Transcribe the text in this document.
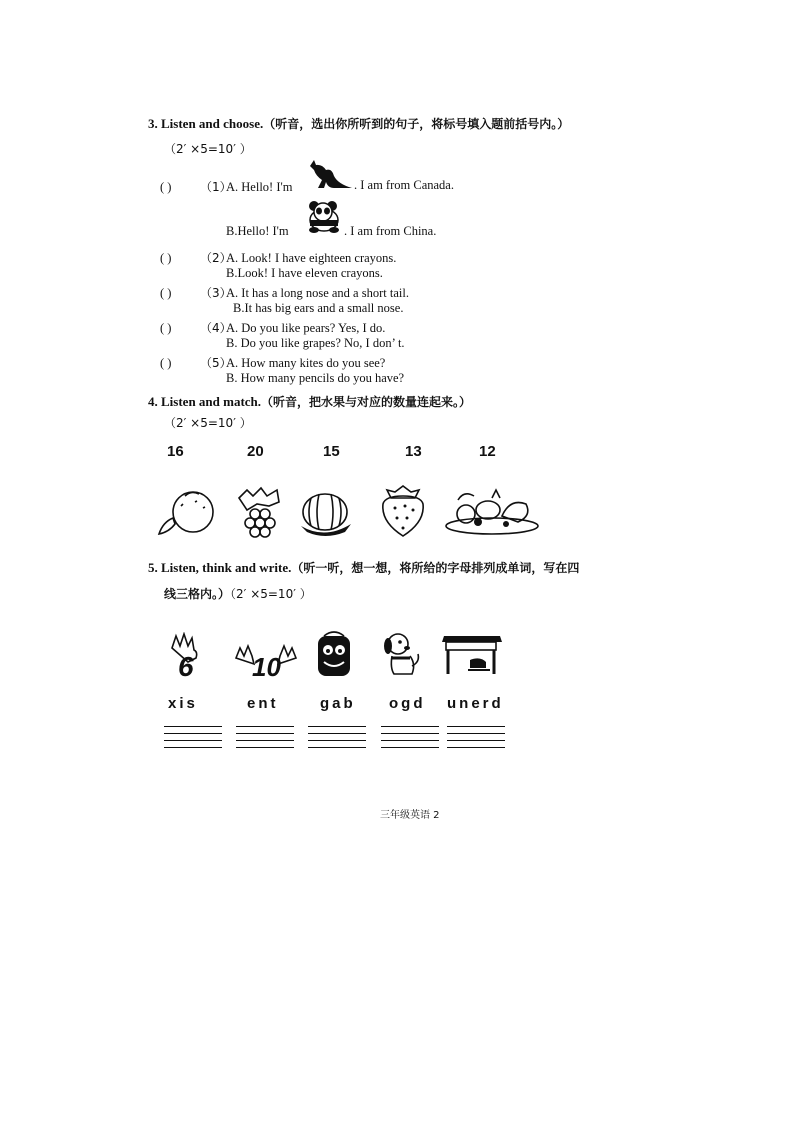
3. Listen and choose.（听音，选出你所听到的句子，将标号填入题前括号内。）
（2′ ×5=10′ ）
( ) （1）A. Hello! I'm	. I am from Canada.
B.Hello! I'm	. I am from China.
( ) （2）A. Look! I have eighteen crayons.
B.Look! I have eleven crayons.
( ) （3）A. It has a long nose and a short tail.
B.It has big ears and a small nose.
( ) （4）A. Do you like pears? Yes, I do.
B. Do you like grapes? No, I don’ t.
( ) （5）A. How many kites do you see?
B. How many pencils do you have?
4. Listen and match.（听音，把水果与对应的数量连起来。）
（2′ ×5=10′ ）
16	20	15	13	12
5. Listen, think and write.（听一听，想一想，将所给的字母排列成单词，写在四
线三格内。）（2′ ×5=10′ ）
6 10
xis	ent	gab ogd unerd
三年级英语 2
